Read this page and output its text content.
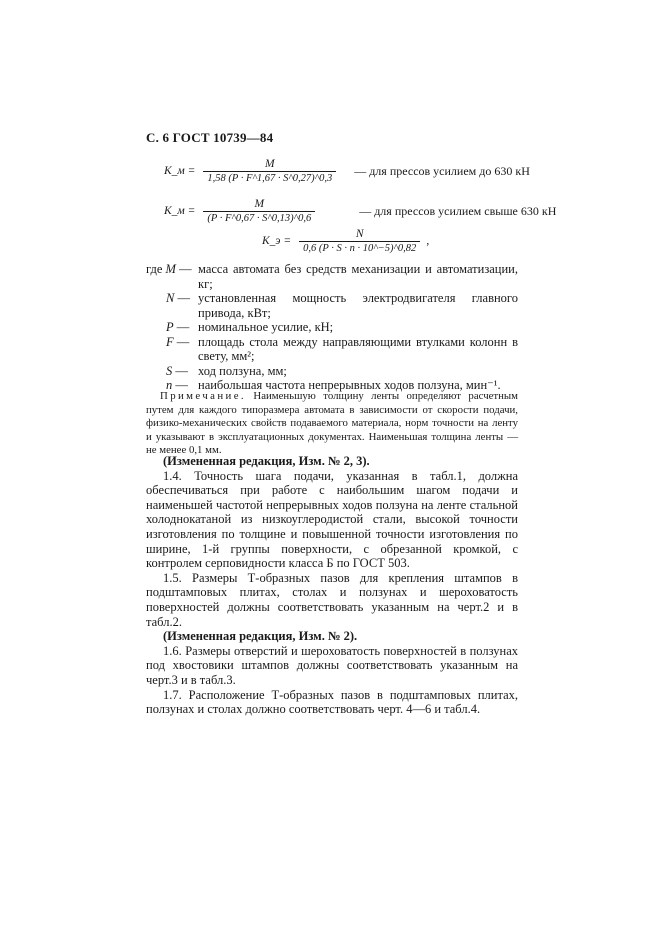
С. 6 ГОСТ 10739—84
K_м = $\frac{M}{1,58 (P \cdot F\^{}1,67 \cdot S\^{}0,27)\^{}0,3}$ — для прессов усилием до 630 кН
K_м = $\frac{M}{(P \cdot F\^{}0,67 \cdot S\^{}0,13)\^{}0,6}$	— для прессов усилием свыше 630 кН
K_э = $\frac{N}{0,6 (P \cdot S \cdot n \cdot 10\^{}-5)\^{}0,82}$ ,
где M — масса автомата без средств механизации и автоматизации, кг;
N — установленная мощность электродвигателя главного привода, кВт;
P — номинальное усилие, кН;
F — площадь стола между направляющими втулками колонн в свету, мм²;
S — ход ползуна, мм;
n — наибольшая частота непрерывных ходов ползуна, мин⁻¹.
Примечание. Наименьшую толщину ленты определяют расчетным путем для каждого типоразмера автомата в зависимости от скорости подачи, физико-механических свойств подаваемого материала, норм точности на ленту и указывают в эксплуатационных документах. Наименьшая толщина ленты — не менее 0,1 мм.

(Измененная редакция, Изм. № 2, 3).

1.4. Точность шага подачи, указанная в табл.1, должна обеспечиваться при работе с наибольшим шагом подачи и наименьшей частотой непрерывных ходов ползуна на ленте стальной холоднокатаной из низкоуглеродистой стали, высокой точности изготовления по толщине и повышенной точности изготовления по ширине, 1-й группы поверхности, с обрезанной кромкой, с контролем серповидности класса Б по ГОСТ 503.

1.5. Размеры Т-образных пазов для крепления штампов в подштамповых плитах, столах и ползунах и шероховатость поверхностей должны соответствовать указанным на черт.2 и в табл.2.

(Измененная редакция, Изм. № 2).

1.6. Размеры отверстий и шероховатость поверхностей в ползунах под хвостовики штампов должны соответствовать указанным на черт.3 и в табл.3.

1.7. Расположение Т-образных пазов в подштамповых плитах, ползунах и столах должно соответствовать черт. 4—6 и табл.4.
